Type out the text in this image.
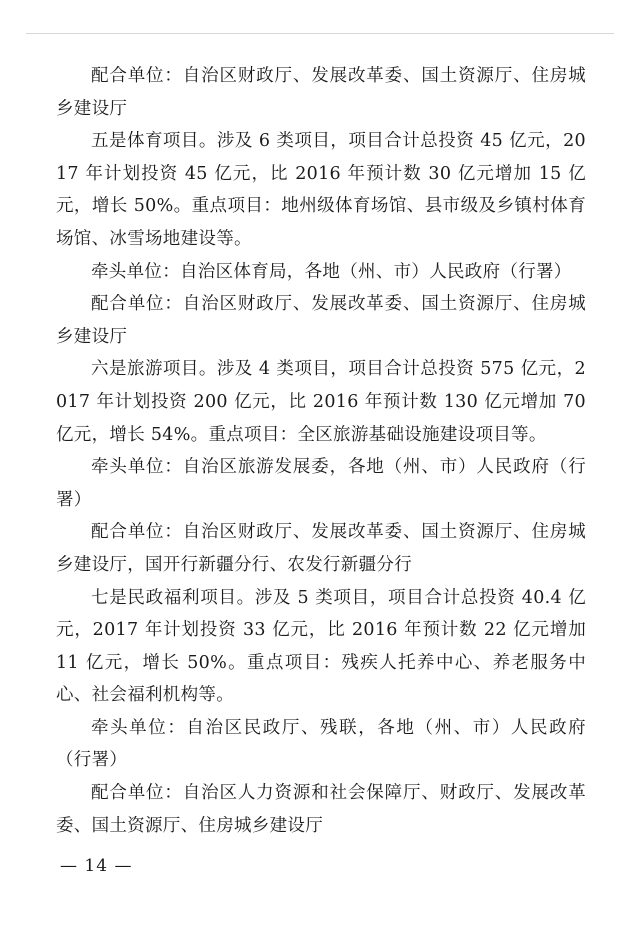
配合单位：自治区财政厅、发展改革委、国土资源厅、住房城乡建设厅

五是体育项目。涉及 6 类项目，项目合计总投资 45 亿元，2017 年计划投资 45 亿元，比 2016 年预计数 30 亿元增加 15 亿元，增长 50%。重点项目：地州级体育场馆、县市级及乡镇村体育场馆、冰雪场地建设等。

牵头单位：自治区体育局，各地（州、市）人民政府（行署）

配合单位：自治区财政厅、发展改革委、国土资源厅、住房城乡建设厅

六是旅游项目。涉及 4 类项目，项目合计总投资 575 亿元，2017 年计划投资 200 亿元，比 2016 年预计数 130 亿元增加 70 亿元，增长 54%。重点项目：全区旅游基础设施建设项目等。

牵头单位：自治区旅游发展委，各地（州、市）人民政府（行署）

配合单位：自治区财政厅、发展改革委、国土资源厅、住房城乡建设厅，国开行新疆分行、农发行新疆分行

七是民政福利项目。涉及 5 类项目，项目合计总投资 40.4 亿元，2017 年计划投资 33 亿元，比 2016 年预计数 22 亿元增加 11 亿元，增长 50%。重点项目：残疾人托养中心、养老服务中心、社会福利机构等。

牵头单位：自治区民政厅、残联，各地（州、市）人民政府（行署）

配合单位：自治区人力资源和社会保障厅、财政厅、发展改革委、国土资源厅、住房城乡建设厅

— 14 —
